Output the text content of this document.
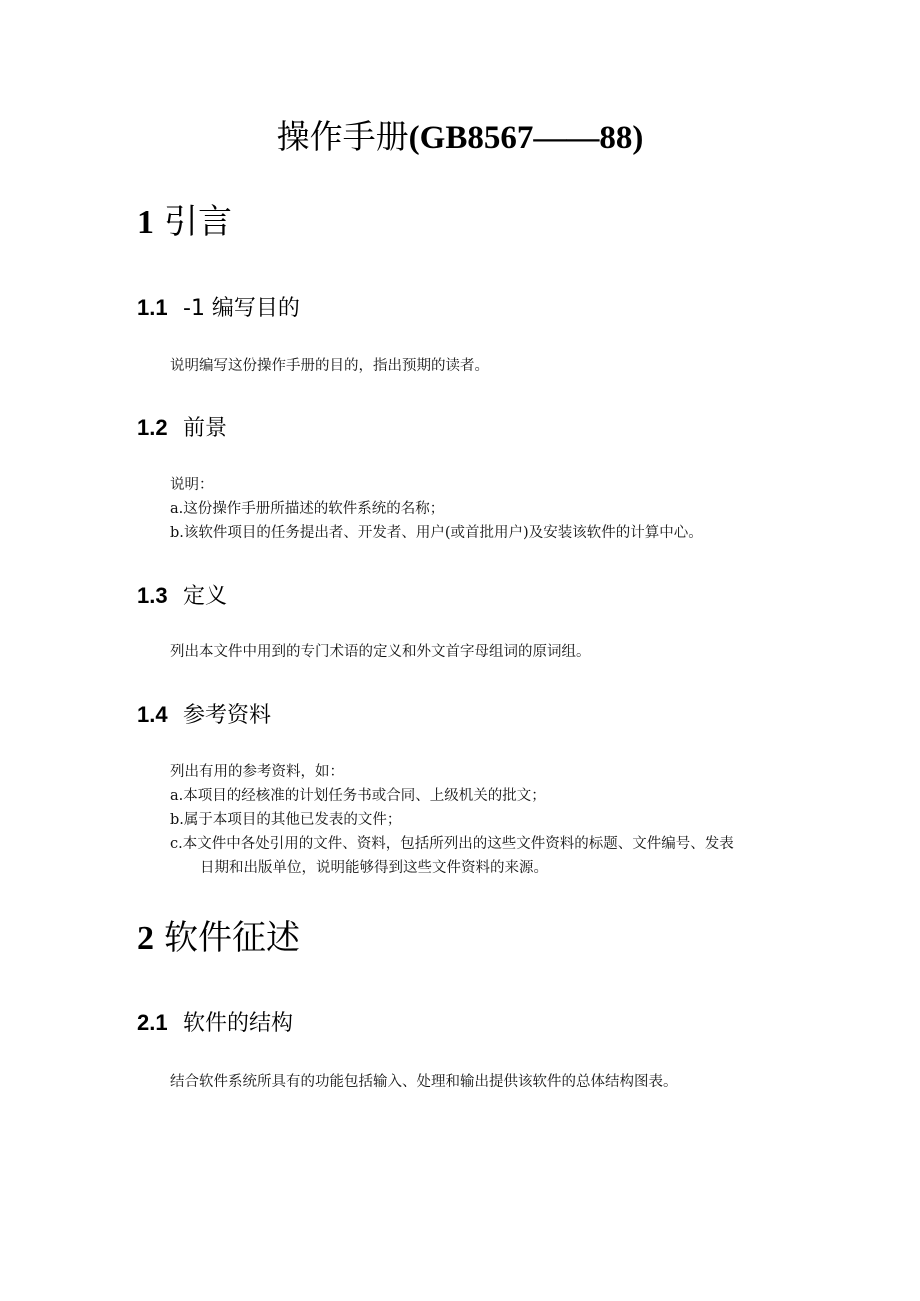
操作手册(GB8567——88)
1 引言
1.1 -1 编写目的
说明编写这份操作手册的目的，指出预期的读者。
1.2 前景
说明：
a.这份操作手册所描述的软件系统的名称；
b.该软件项目的任务提出者、开发者、用户(或首批用户)及安装该软件的计算中心。
1.3 定义
列出本文件中用到的专门术语的定义和外文首字母组词的原词组。
1.4 参考资料
列出有用的参考资料，如：
a.本项目的经核准的计划任务书或合同、上级机关的批文；
b.属于本项目的其他已发表的文件；
c.本文件中各处引用的文件、资料，包括所列出的这些文件资料的标题、文件编号、发表
日期和出版单位，说明能够得到这些文件资料的来源。
2 软件征述
2.1 软件的结构
结合软件系统所具有的功能包括输入、处理和输出提供该软件的总体结构图表。
